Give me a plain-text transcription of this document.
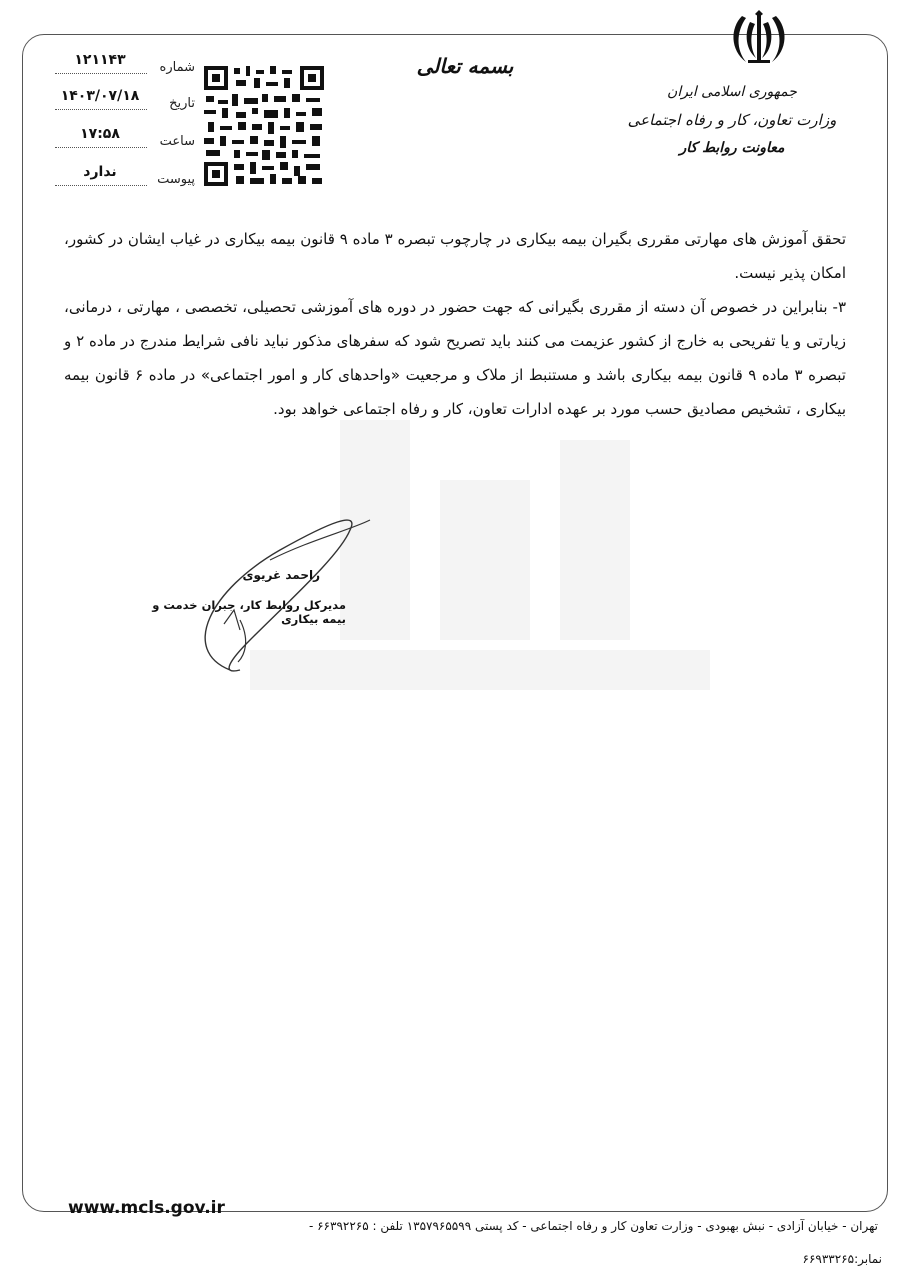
جمهوری اسلامی ایران
وزارت تعاون، کار و رفاه اجتماعی
معاونت روابط کار
بسمه تعالی
۱۲۱۱۴۳	شماره
۱۴۰۳/۰۷/۱۸	تاریخ
۱۷:۵۸	ساعت
ندارد	پیوست

تحقق آموزش های مهارتی مقرری بگیران بیمه بیکاری در چارچوب تبصره ۳ ماده ۹ قانون بیمه بیکاری در غیاب ایشان در کشور، امکان پذیر نیست.

۳- بنابراین در خصوص آن دسته از مقرری بگیرانی که جهت حضور در دوره های آموزشی تحصیلی، تخصصی ، مهارتی ، درمانی، زیارتی و یا تفریحی به خارج از کشور عزیمت می کنند باید تصریح شود که سفرهای مذکور نباید نافی شرایط مندرج در ماده ۲ و تبصره ۳ ماده ۹ قانون بیمه بیکاری باشد و مستنبط از ملاک و مرجعیت «واحدهای کار و امور اجتماعی» در ماده ۶ قانون بیمه بیکاری ، تشخیص مصادیق حسب مورد بر عهده ادارات تعاون، کار و رفاه اجتماعی خواهد بود.

راحمد غریوی
مدیرکل روابط کار، جبران خدمت و بیمه بیکاری
www.mcls.gov.ir
تهران - خیابان آزادی - نبش بهبودی - وزارت تعاون کار و رفاه اجتماعی - کد پستی ۱۳۵۷۹۶۵۵۹۹ تلفن : ۶۶۳۹۲۲۶۵ -
نمابر:۶۶۹۳۳۲۶۵
